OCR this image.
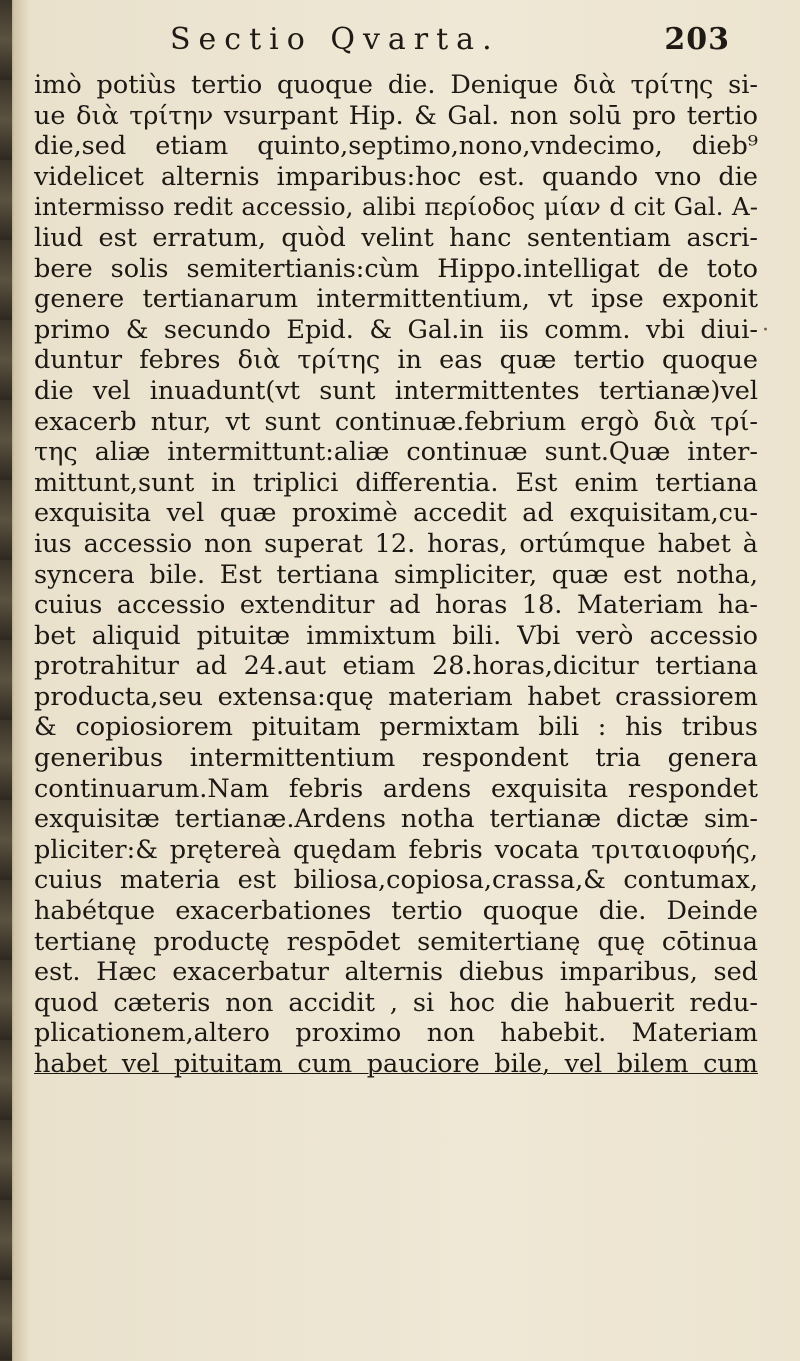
Sectio Qvarta.	203
imò potiùs tertio quoque die. Denique διὰ τρίτης si-
ue διὰ τρίτην vsurpant Hip. & Gal. non solū pro tertio
die,sed etiam quinto,septimo,nono,vndecimo, dieb⁹
videlicet alternis imparibus:hoc est. quando vno die
intermisso redit accessio, alibi περίοδος μίαν d cit Gal. A-
liud est erratum, quòd velint hanc sententiam ascri-
bere solis semitertianis:cùm Hippo.intelligat de toto
genere tertianarum intermittentium, vt ipse exponit
primo & secundo Epid. & Gal.in iis comm. vbi diui-
duntur febres διὰ τρίτης in eas quæ tertio quoque
die vel inuadunt(vt sunt intermittentes tertianæ)vel
exacerb ntur, vt sunt continuæ.febrium ergò διὰ τρί-
της aliæ intermittunt:aliæ continuæ sunt.Quæ inter-
mittunt,sunt in triplici differentia. Est enim tertiana
exquisita vel quæ proximè accedit ad exquisitam,cu-
ius accessio non superat 12. horas, ortúmque habet à
syncera bile. Est tertiana simpliciter, quæ est notha,
cuius accessio extenditur ad horas 18. Materiam ha-
bet aliquid pituitæ immixtum bili. Vbi verò accessio
protrahitur ad 24.aut etiam 28.horas,dicitur tertiana
producta,seu extensa:quę materiam habet crassiorem
& copiosiorem pituitam permixtam bili : his tribus
generibus intermittentium respondent tria genera
continuarum.Nam febris ardens exquisita respondet
exquisitæ tertianæ.Ardens notha tertianæ dictæ sim-
pliciter:& prętereà quędam febris vocata τριταιοφυής,
cuius materia est biliosa,copiosa,crassa,& contumax,
habétque exacerbationes tertio quoque die. Deinde
tertianę productę respōdet semitertianę quę cōtinua
est. Hæc exacerbatur alternis diebus imparibus, sed
quod cæteris non accidit , si hoc die habuerit redu-
plicationem,altero proximo non habebit. Materiam
habet vel pituitam cum pauciore bile, vel bilem cum
·
